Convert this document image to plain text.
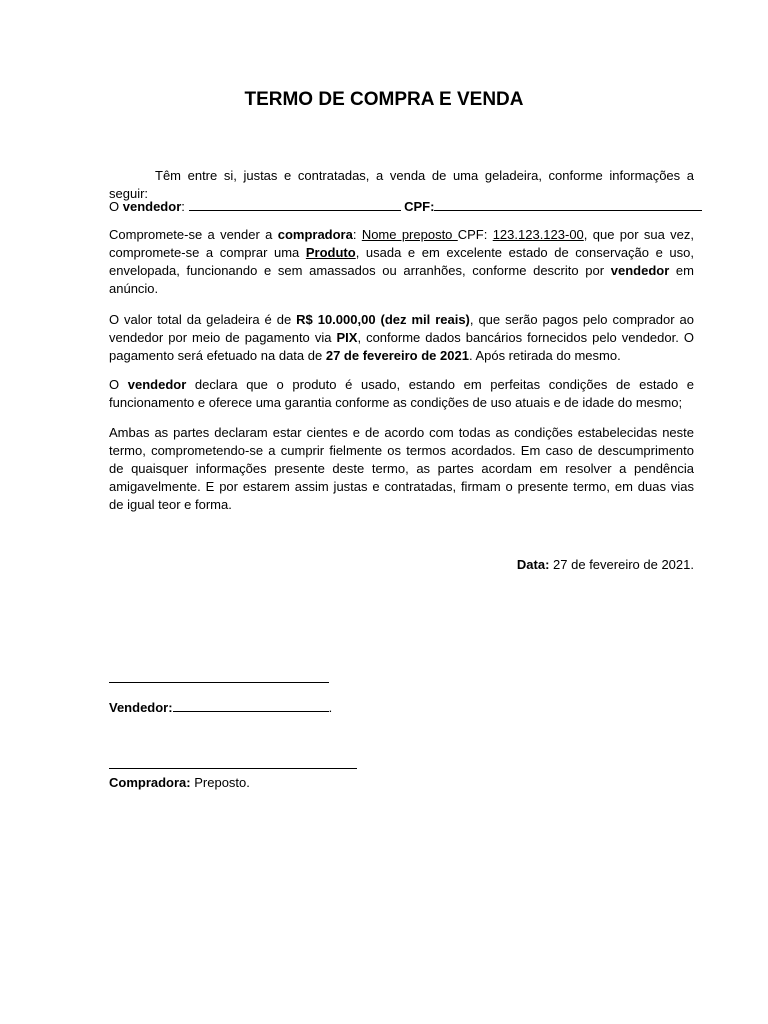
TERMO DE COMPRA E VENDA

Têm entre si, justas e contratadas, a venda de uma geladeira, conforme informações a seguir:

O vendedor:	CPF:

Compromete-se a vender a compradora: Nome preposto CPF: 123.123.123-00, que por sua vez, compromete-se a comprar uma Produto, usada e em excelente estado de conservação e uso, envelopada, funcionando e sem amassados ou arranhões, conforme descrito por vendedor em anúncio.

O valor total da geladeira é de R$ 10.000,00 (dez mil reais), que serão pagos pelo comprador ao vendedor por meio de pagamento via PIX, conforme dados bancários fornecidos pelo vendedor. O pagamento será efetuado na data de 27 de fevereiro de 2021. Após retirada do mesmo.

O vendedor declara que o produto é usado, estando em perfeitas condições de estado e funcionamento e oferece uma garantia conforme as condições de uso atuais e de idade do mesmo;

Ambas as partes declaram estar cientes e de acordo com todas as condições estabelecidas neste termo, comprometendo-se a cumprir fielmente os termos acordados. Em caso de descumprimento de quaisquer informações presente deste termo, as partes acordam em resolver a pendência amigavelmente. E por estarem assim justas e contratadas, firmam o presente termo, em duas vias de igual teor e forma.

Data: 27 de fevereiro de 2021.

Vendedor:	.

Compradora: Preposto.
